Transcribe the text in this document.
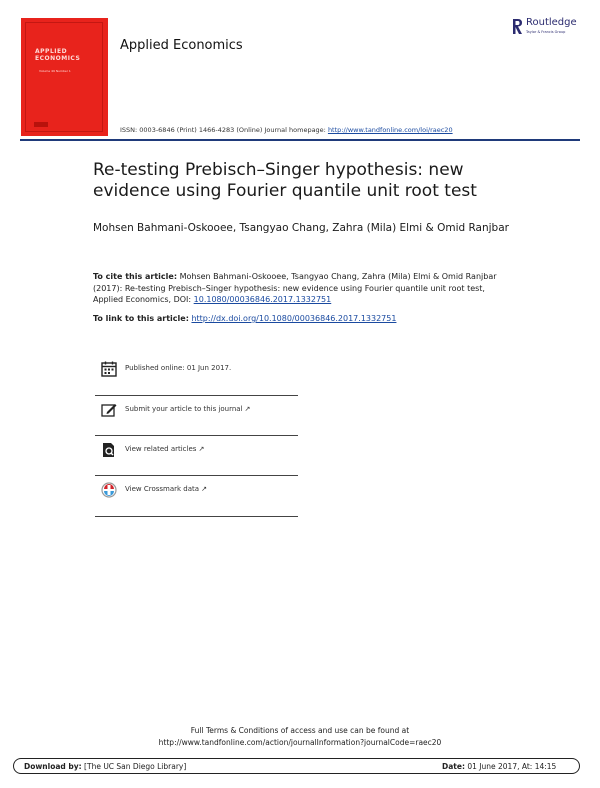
APPLIED ECONOMICS
Volume 49 Number 1
Applied Economics
Routledge
Taylor & Francis Group
ISSN: 0003-6846 (Print) 1466-4283 (Online) Journal homepage: http://www.tandfonline.com/loi/raec20
Re-testing Prebisch–Singer hypothesis: new evidence using Fourier quantile unit root test
Mohsen Bahmani-Oskooee, Tsangyao Chang, Zahra (Mila) Elmi & Omid Ranjbar
To cite this article: Mohsen Bahmani-Oskooee, Tsangyao Chang, Zahra (Mila) Elmi & Omid Ranjbar (2017): Re-testing Prebisch–Singer hypothesis: new evidence using Fourier quantile unit root test, Applied Economics, DOI: 10.1080/00036846.2017.1332751
To link to this article: http://dx.doi.org/10.1080/00036846.2017.1332751
Published online: 01 Jun 2017.
Submit your article to this journal ↗
View related articles ↗
View Crossmark data ↗
Full Terms & Conditions of access and use can be found at
http://www.tandfonline.com/action/journalInformation?journalCode=raec20
Download by: [The UC San Diego Library]	Date: 01 June 2017, At: 14:15
